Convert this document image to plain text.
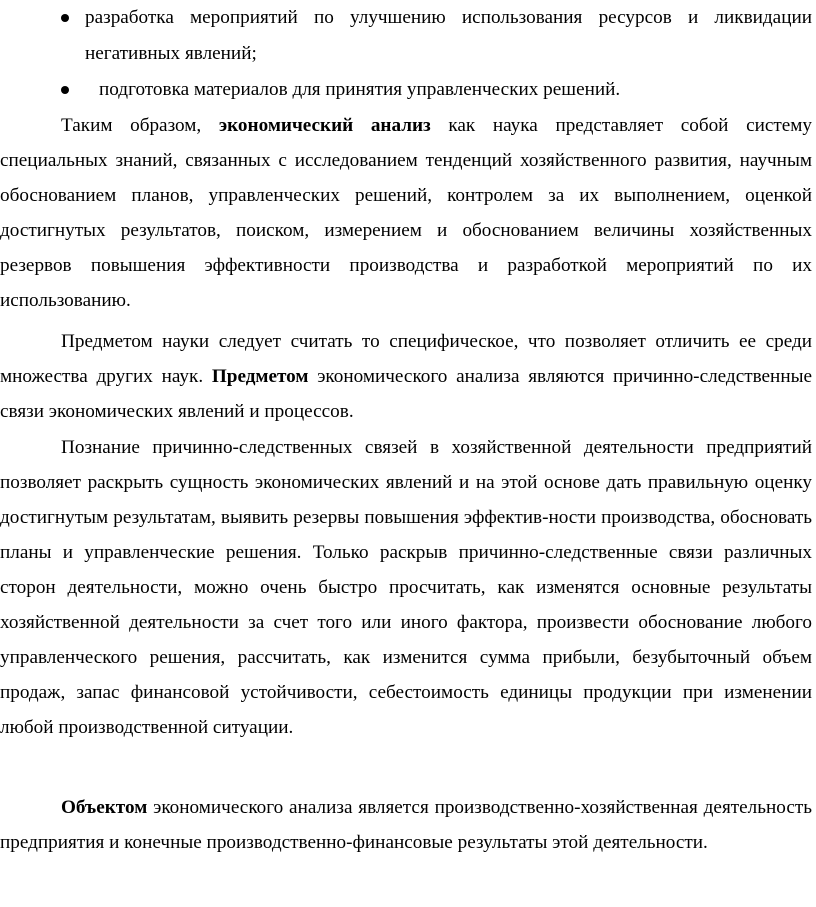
разработка мероприятий по улучшению использования ресурсов и ликвидации негативных явлений;
подготовка материалов для принятия управленческих решений.

Таким образом, экономический анализ как наука представляет собой систему специальных знаний, связанных с исследованием тенденций хозяйственного развития, научным обоснованием планов, управленческих решений, контролем за их выполнением, оценкой достигнутых результатов, поиском, измерением и обоснованием величины хозяйственных резервов повышения эффективности производства и разработкой мероприятий по их использованию.

Предметом науки следует считать то специфическое, что позволяет отличить ее среди множества других наук. Предметом экономического анализа являются причинно-следственные связи экономических явлений и процессов.

Познание причинно-следственных связей в хозяйственной деятельности предприятий позволяет раскрыть сущность экономических явлений и на этой основе дать правильную оценку достигнутым результатам, выявить резервы повышения эффектив-ности производства, обосновать планы и управленческие решения. Только раскрыв причинно-следственные связи различных сторон деятельности, можно очень быстро просчитать, как изменятся основные результаты хозяйственной деятельности за счет того или иного фактора, произвести обоснование любого управленческого решения, рассчитать, как изменится сумма прибыли, безубыточный объем продаж, запас финансовой устойчивости, себестоимость единицы продукции при изменении любой производственной ситуации.

Объектом экономического анализа является производственно-хозяйственная деятельность предприятия и конечные производственно-финансовые результаты этой деятельности.
